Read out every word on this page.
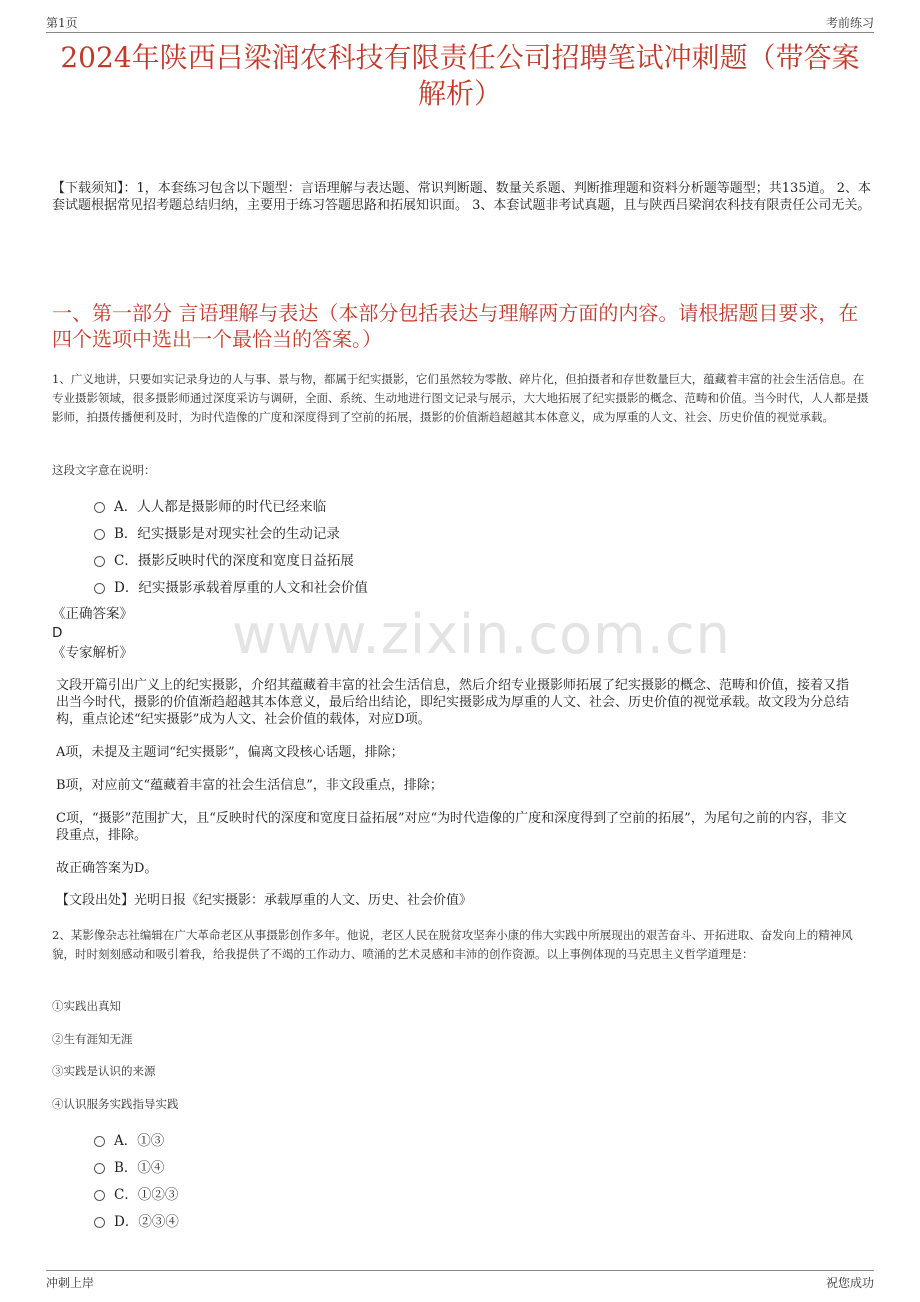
第1页	考前练习
2024年陕西吕梁润农科技有限责任公司招聘笔试冲刺题（带答案解析）
【下载须知】：1，本套练习包含以下题型：言语理解与表达题、常识判断题、数量关系题、判断推理题和资料分析题等题型；共135道。 2、本套试题根据常见招考题总结归纳，主要用于练习答题思路和拓展知识面。 3、本套试题非考试真题，且与陕西吕梁润农科技有限责任公司无关。
一、第一部分 言语理解与表达（本部分包括表达与理解两方面的内容。请根据题目要求，在四个选项中选出一个最恰当的答案。）
1、广义地讲，只要如实记录身边的人与事、景与物，都属于纪实摄影，它们虽然较为零散、碎片化，但拍摄者和存世数量巨大，蕴藏着丰富的社会生活信息。在专业摄影领域，很多摄影师通过深度采访与调研，全面、系统、生动地进行图文记录与展示，大大地拓展了纪实摄影的概念、范畴和价值。当今时代，人人都是摄影师，拍摄传播便利及时，为时代造像的广度和深度得到了空前的拓展，摄影的价值渐趋超越其本体意义，成为厚重的人文、社会、历史价值的视觉承载。
这段文字意在说明：
A．人人都是摄影师的时代已经来临
B．纪实摄影是对现实社会的生动记录
C．摄影反映时代的深度和宽度日益拓展
D．纪实摄影承载着厚重的人文和社会价值
《正确答案》
D
《专家解析》 www.zixin.com.cn
文段开篇引出广义上的纪实摄影，介绍其蕴藏着丰富的社会生活信息，然后介绍专业摄影师拓展了纪实摄影的概念、范畴和价值，接着又指出当今时代，摄影的价值渐趋超越其本体意义，最后给出结论，即纪实摄影成为厚重的人文、社会、历史价值的视觉承载。故文段为分总结构，重点论述“纪实摄影”成为人文、社会价值的载体，对应D项。
A项，未提及主题词“纪实摄影”，偏离文段核心话题，排除；
B项，对应前文“蕴藏着丰富的社会生活信息”，非文段重点，排除；
C项，“摄影”范围扩大，且“反映时代的深度和宽度日益拓展”对应“为时代造像的广度和深度得到了空前的拓展”，为尾句之前的内容，非文段重点，排除。
故正确答案为D。
【文段出处】光明日报《纪实摄影：承载厚重的人文、历史、社会价值》
2、某影像杂志社编辑在广大革命老区从事摄影创作多年。他说，老区人民在脱贫攻坚奔小康的伟大实践中所展现出的艰苦奋斗、开拓进取、奋发向上的精神风貌，时时刻刻感动和吸引着我，给我提供了不竭的工作动力、喷涌的艺术灵感和丰沛的创作资源。以上事例体现的马克思主义哲学道理是：
①实践出真知
②生有涯知无涯
③实践是认识的来源
④认识服务实践指导实践
A．①③
B．①④
C．①②③
D．②③④
冲刺上岸	祝您成功
